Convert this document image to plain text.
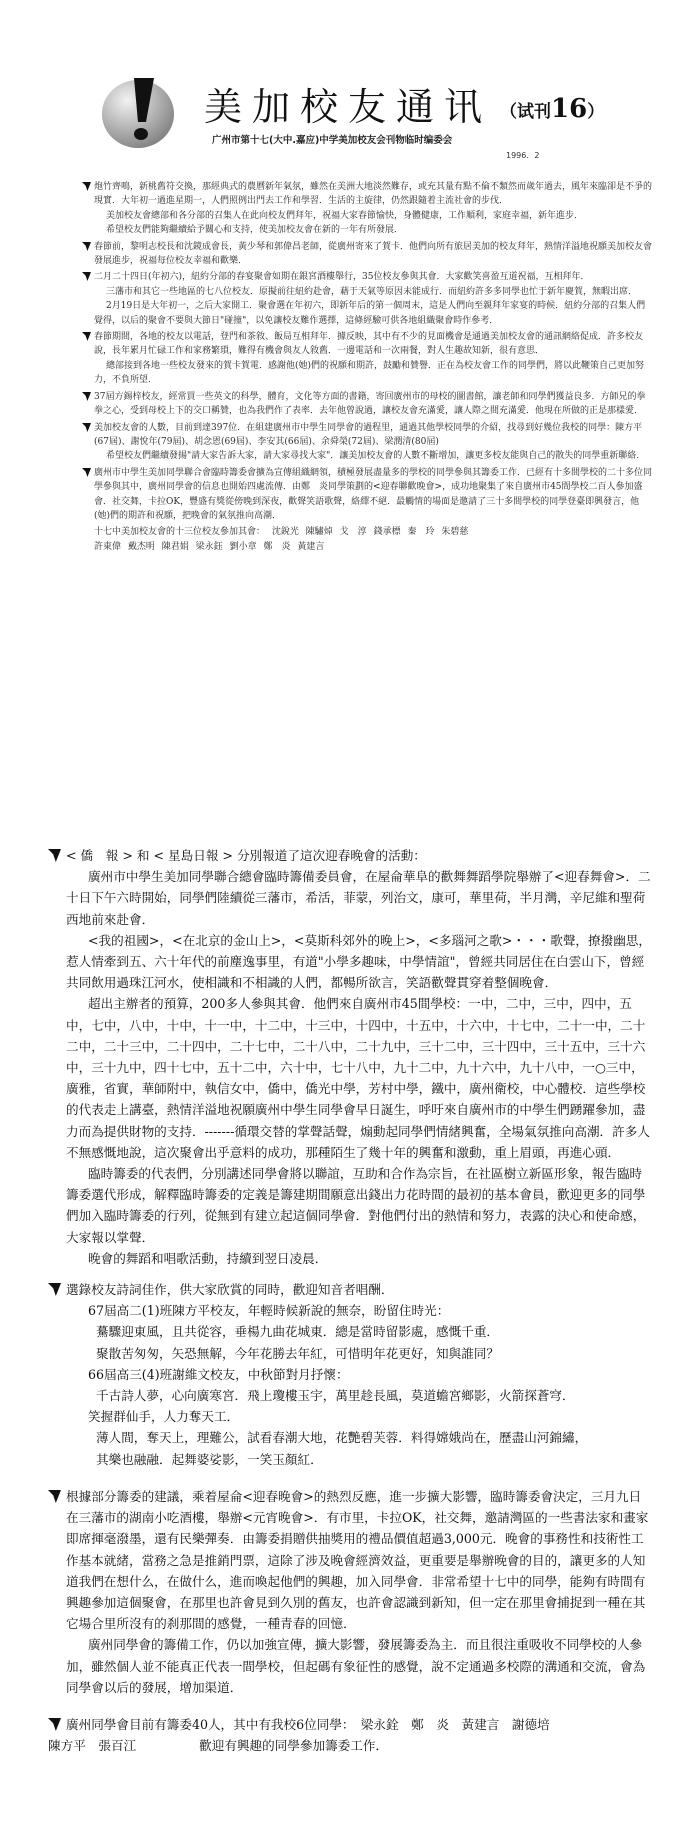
美加校友通讯 （试刊16）
广州市第十七(大中.嘉应)中学美加校友会刊物临时编委会
1996．2

炮竹齊鳴，新桃舊符交換，那經典式的農曆新年氣氛，雖然在美洲大地淡然難存，或充其量有點不倫不類然而歲年過去，風年來臨卻是不爭的現實．大年初一過進星期一，人們照例出門去工作和學習．生活的主旋律，仍然跟隨着主流社會的步伐．

美加校友會總部和各分部的召集人在此向校友們拜年，祝福大家春節愉快，身體健康，工作順利，家庭幸福，新年進步．

希望校友們能夠繼續給予關心和支持，使美加校友會在新的一年有所發展．

春節前，黎明志校長和沈鏡成會長，黃少琴和郭偉昌老師，從廣州寄來了賀卡．他們向所有旅居美加的校友拜年，熱情洋溢地祝願美加校友會發展進步，祝福每位校友幸福和歡樂．

二月二十四日(年初六)，紐約分部的春宴聚會如期在銀宮酒樓舉行，35位校友參與其會．大家歡笑喜盈互道祝福，互相拜年．

三藩市和其它一些地區的七八位校友．原擬前往紐約赴會，藉于天氣等原因未能成行．而紐約許多多同學也忙于新年慶賀，無暇出席．

2月19日是大年初一，之后大家開工．聚會選在年初六，即新年后的第一個周末，這是人們向至親拜年家宴的時候．紐約分部的召集人們覺得，以后的聚會不要與大節日"碰撞"，以免讓校友難作選擇，這條經驗可供各地組織聚會時作參考．

春節期間，各地的校友以電話，登門和茶敘、飯局互相拜年．據反映，其中有不少的見面機會是通過美加校友會的通訊網絡促成．許多校友說，長年累月忙碌工作和家務繁瑣，難得有機會與友人敘舊．一邊電話和一次兩餐，對人生趣故知新，很有意思．

總部接到各地一些校友發來的賀卡賀電．感謝他(她)們的祝願和期許，鼓勵和贊譽．正在為校友會工作的同學們，將以此鞭策自己更加努力，不負所望．

37屆方錫梓校友，經常買一些英文的科學，體育，文化等方面的書籍，寄回廣州市的母校的圖書館，讓老師和同學們獲益良多．方師兄的拳拳之心，受到母校上下的交口稱贊，也為我們作了表率．去年他曾說過，讓校友會充滿愛，讓人際之間充滿愛．他現在所做的正是那樣愛．

美加校友會的人數，目前到達397位．在組建廣州市中學生同學會的過程里，通過其他學校同學的介紹，找尋到好幾位我校的同學：陳方平(67屆)、謝悅年(79屆)、胡念恩(69屆)、李安其(66屆)、余舜榮(72屆)、梁潤清(80屆)

希望校友們繼續發揚"請大家告訴大家，請大家尋找大家"．讓美加校友會的人數不斷增加，讓更多校友能與自己的散失的同學重新聯絡．

廣州市中學生美加同學聯合會臨時籌委會擴為宣傳組織網領，積極發展盡量多的學校的同學參與其籌委工作．已經有十多間學校的二十多位同學參與其中，廣州同學會的信息也開始四處流傳．由鄭　炎同學策劃的<迎春聯歡晚會>，成功地聚集了來自廣州市45間學校二百人參加盛會．社交舞，卡拉OK，豐盛有獎從傍晚到深夜，歡聲笑語歌聲，絡繹不絕．最觸情的場面是邀請了三十多間學校的同學登臺即興發言，他(她)們的期許和祝願，把晚會的氣氛推向高潮．

十七中美加校友會的十三位校友參加其會： 沈銳光 陳驌焯 戈　淳 錢承標 秦　玲 朱碧慈
許東偉 戴杰明 陳君娟 梁永鈺 劉小章 鄭　炎 黃建言

< 僑　報 > 和 < 星島日報 > 分別報道了這次迎春晚會的活動：

廣州市中學生美加同學聯合總會臨時籌備委員會，在屋侖華阜的歡舞舞蹈學院舉辦了<迎春舞會>．二十日下午六時開始，同學們陸續從三藩市，希活，菲蒙，列治文，康可，華里荷，半月灣，辛尼維和聖荷西地前來赴會．

<我的祖國>，<在北京的金山上>，<莫斯科郊外的晚上>，<多瑙河之歌>・・・歌聲，撩撥幽思，惹人情牽到五、六十年代的前塵逸事里，有道"小學多趣味，中學情誼"，曾經共同居住在白雲山下，曾經共同飲用過珠江河水，使相識和不相識的人們，都暢所欲言，笑語歡聲貫穿着整個晚會．

超出主辦者的預算，200多人參與其會．他們來自廣州市45間學校：一中，二中，三中，四中，五中，七中，八中，十中，十一中，十二中，十三中，十四中，十五中，十六中，十七中，二十一中，二十二中，二十三中，二十四中，二十七中，二十八中，二十九中，三十二中，三十四中，三十五中，三十六中，三十九中，四十七中，五十二中，六十中，七十八中，九十二中，九十六中，九十八中，一○三中，廣雅，省實，華師附中，執信女中，僑中，僑光中學，芳村中學，鐵中，廣州衛校，中心體校．這些學校的代表走上講臺，熱情洋溢地祝願廣州中學生同學會早日誕生，呼吁來自廣州市的中學生們踴躍參加，盡力而為提供財物的支持．-------循環交替的掌聲話聲，煽動起同學們情緒興奮，全場氣氛推向高潮．許多人不無感慨地說，這次聚會出乎意料的成功，那種陌生了幾十年的興奮和激動，重上眉頭，再進心頭．

臨時籌委的代表們，分別講述同學會將以聯誼，互助和合作為宗旨，在社區樹立新區形象，報告臨時籌委選代形成，解釋臨時籌委的定義是籌建期間願意出錢出力花時間的最初的基本會員，歡迎更多的同學們加入臨時籌委的行列，從無到有建立起這個同學會．對他們付出的熱情和努力，表露的決心和使命感，大家報以掌聲．

晚會的舞蹈和唱歌活動，持續到翌日凌晨．

選錄校友詩詞佳作，供大家欣賞的同時，歡迎知音者唱酬．

67屆高二(1)班陳方平校友，年輕時候新說的無奈，盼留住時光：

驀驟迎東風，且共從容，垂楊九曲花城東．總是當時留影處，感慨千重．

聚散苦匆匆，矢恐無解，今年花勝去年紅，可惜明年花更好，知與誰同？

66屆高三(4)班謝維文校友，中秋節對月抒懷：

千古詩人夢，心向廣寒宮．飛上瓊樓玉宇，萬里趁長風，莫道蟾宮鄉影，火箭探蒼穹．

笑握群仙手，人力奪天工．

薄人間，奪天上，理難公，試看春潮大地，花艷碧芙蓉．料得嫦娥尚在，歷盡山河錦繡，

其樂也融融．起舞婆娑影，一笑玉顏紅．

根據部分籌委的建議，乘着屋侖<迎春晚會>的熱烈反應，進一步擴大影響，臨時籌委會決定，三月九日在三藩市的湖南小吃酒樓，舉辦<元宵晚會>．有市里，卡拉OK，社交舞，邀請灣區的一些書法家和畫家即席揮毫潑墨，還有民樂彈奏．由籌委捐贈供抽獎用的禮品價值超過3,000元．晚會的事務性和技術性工作基本就緒，當務之急是推銷門票，這除了涉及晚會經濟效益，更重要是舉辦晚會的目的，讓更多的人知道我們在想什么，在做什么，進而喚起他們的興趣，加入同學會．非常希望十七中的同學，能夠有時間有興趣參加這個聚會，在那里也許會見到久別的舊友，也許會認識到新知，但一定在那里會捕捉到一種在其它場合里所沒有的刹那間的感覺，一種青春的回憶．

廣州同學會的籌備工作，仍以加強宣傳，擴大影響，發展籌委為主．而且很注重吸收不同學校的人參加，雖然個人並不能真正代表一間學校，但起碼有象征性的感覺，說不定通過多校際的溝通和交流，會為同學會以后的發展，增加渠道．

廣州同學會目前有籌委40人，其中有我校6位同學：　梁永銓　鄭　炎　黃建言　謝德培

陳方平　張百江　　　　　歡迎有興趣的同學參加籌委工作．
